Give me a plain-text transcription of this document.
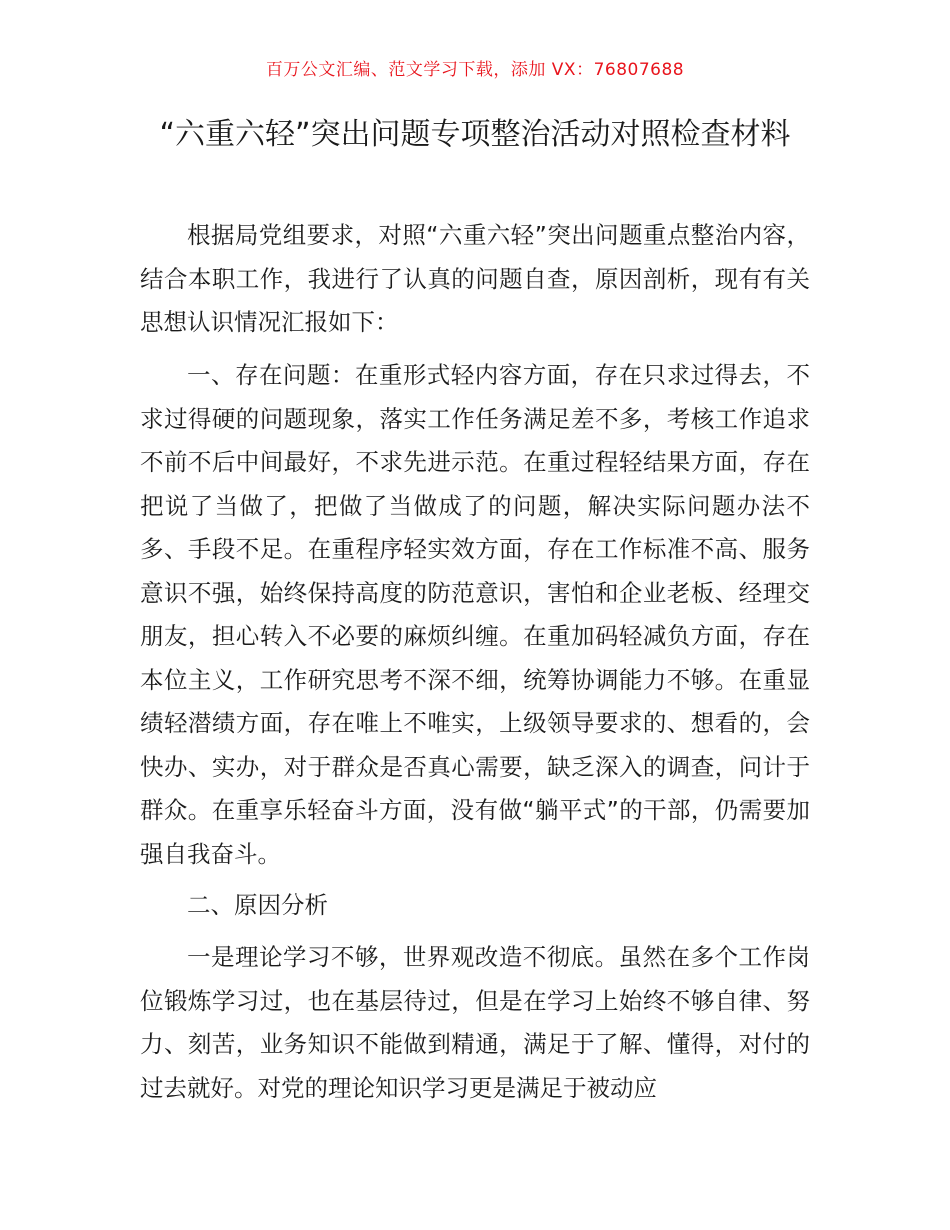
百万公文汇编、范文学习下载，添加 VX：76807688
“六重六轻”突出问题专项整治活动对照检查材料

根据局党组要求，对照“六重六轻”突出问题重点整治内容，结合本职工作，我进行了认真的问题自查，原因剖析，现有有关思想认识情况汇报如下：

一、存在问题：在重形式轻内容方面，存在只求过得去，不求过得硬的问题现象，落实工作任务满足差不多，考核工作追求不前不后中间最好，不求先进示范。在重过程轻结果方面，存在把说了当做了，把做了当做成了的问题，解决实际问题办法不多、手段不足。在重程序轻实效方面，存在工作标准不高、服务意识不强，始终保持高度的防范意识，害怕和企业老板、经理交朋友，担心转入不必要的麻烦纠缠。在重加码轻减负方面，存在本位主义，工作研究思考不深不细，统筹协调能力不够。在重显绩轻潜绩方面，存在唯上不唯实，上级领导要求的、想看的，会快办、实办，对于群众是否真心需要，缺乏深入的调查，问计于群众。在重享乐轻奋斗方面，没有做“躺平式”的干部，仍需要加强自我奋斗。

二、原因分析

一是理论学习不够，世界观改造不彻底。虽然在多个工作岗位锻炼学习过，也在基层待过，但是在学习上始终不够自律、努力、刻苦，业务知识不能做到精通，满足于了解、懂得，对付的过去就好。对党的理论知识学习更是满足于被动应
